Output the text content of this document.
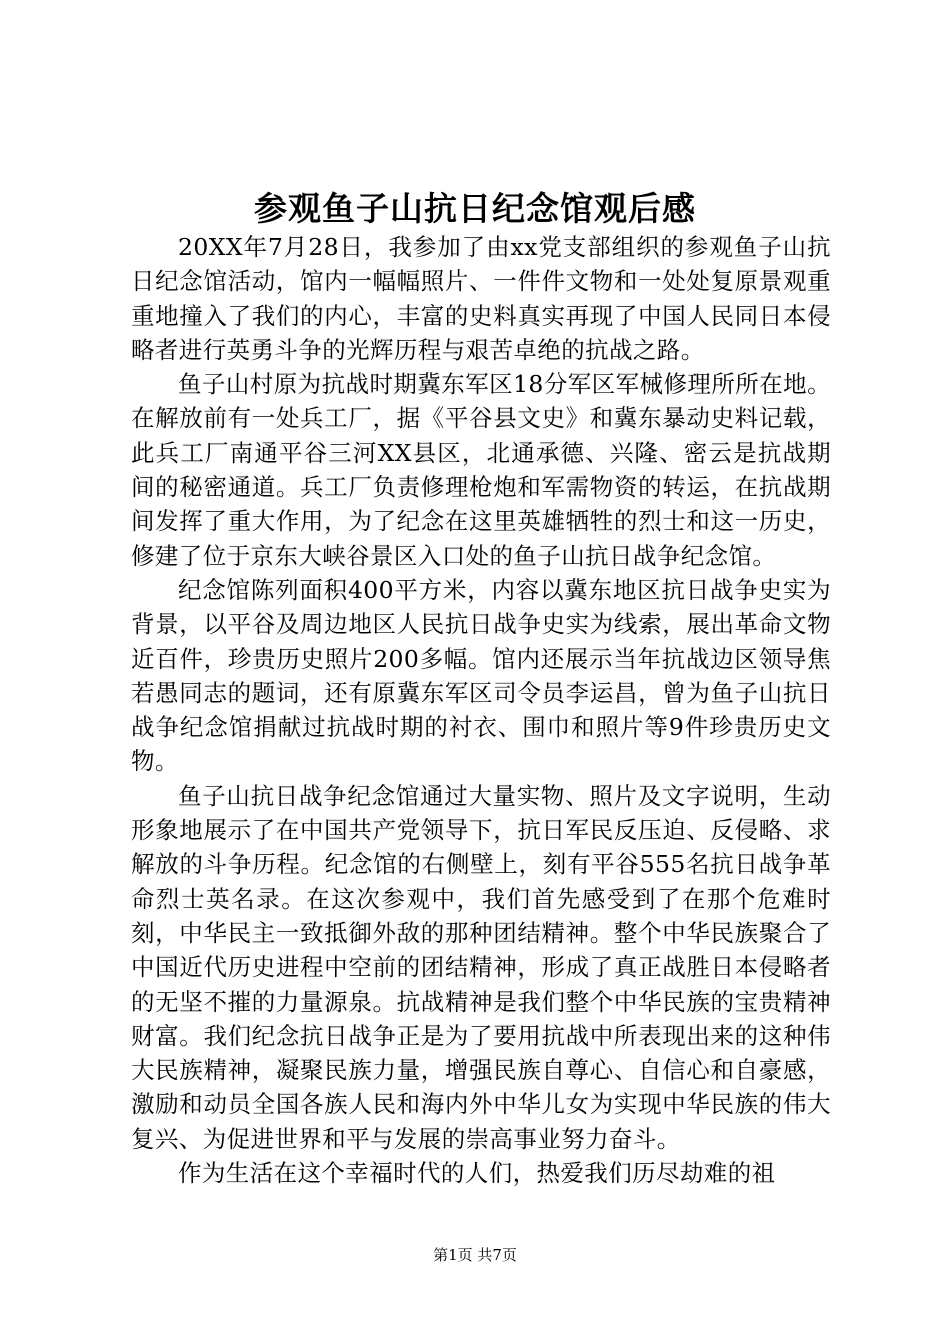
参观鱼子山抗日纪念馆观后感

20XX年7月28日，我参加了由xx党支部组织的参观鱼子山抗日纪念馆活动，馆内一幅幅照片、一件件文物和一处处复原景观重重地撞入了我们的内心，丰富的史料真实再现了中国人民同日本侵略者进行英勇斗争的光辉历程与艰苦卓绝的抗战之路。

鱼子山村原为抗战时期冀东军区18分军区军械修理所所在地。在解放前有一处兵工厂，据《平谷县文史》和冀东暴动史料记载，此兵工厂南通平谷三河XX县区，北通承德、兴隆、密云是抗战期间的秘密通道。兵工厂负责修理枪炮和军需物资的转运，在抗战期间发挥了重大作用，为了纪念在这里英雄牺牲的烈士和这一历史，修建了位于京东大峡谷景区入口处的鱼子山抗日战争纪念馆。

纪念馆陈列面积400平方米，内容以冀东地区抗日战争史实为背景，以平谷及周边地区人民抗日战争史实为线索，展出革命文物近百件，珍贵历史照片200多幅。馆内还展示当年抗战边区领导焦若愚同志的题词，还有原冀东军区司令员李运昌，曾为鱼子山抗日战争纪念馆捐献过抗战时期的衬衣、围巾和照片等9件珍贵历史文物。

鱼子山抗日战争纪念馆通过大量实物、照片及文字说明，生动形象地展示了在中国共产党领导下，抗日军民反压迫、反侵略、求解放的斗争历程。纪念馆的右侧壁上，刻有平谷555名抗日战争革命烈士英名录。在这次参观中，我们首先感受到了在那个危难时刻，中华民主一致抵御外敌的那种团结精神。整个中华民族聚合了中国近代历史进程中空前的团结精神，形成了真正战胜日本侵略者的无坚不摧的力量源泉。抗战精神是我们整个中华民族的宝贵精神财富。我们纪念抗日战争正是为了要用抗战中所表现出来的这种伟大民族精神，凝聚民族力量，增强民族自尊心、自信心和自豪感，激励和动员全国各族人民和海内外中华儿女为实现中华民族的伟大复兴、为促进世界和平与发展的崇高事业努力奋斗。

作为生活在这个幸福时代的人们，热爱我们历尽劫难的祖

第1页 共7页
